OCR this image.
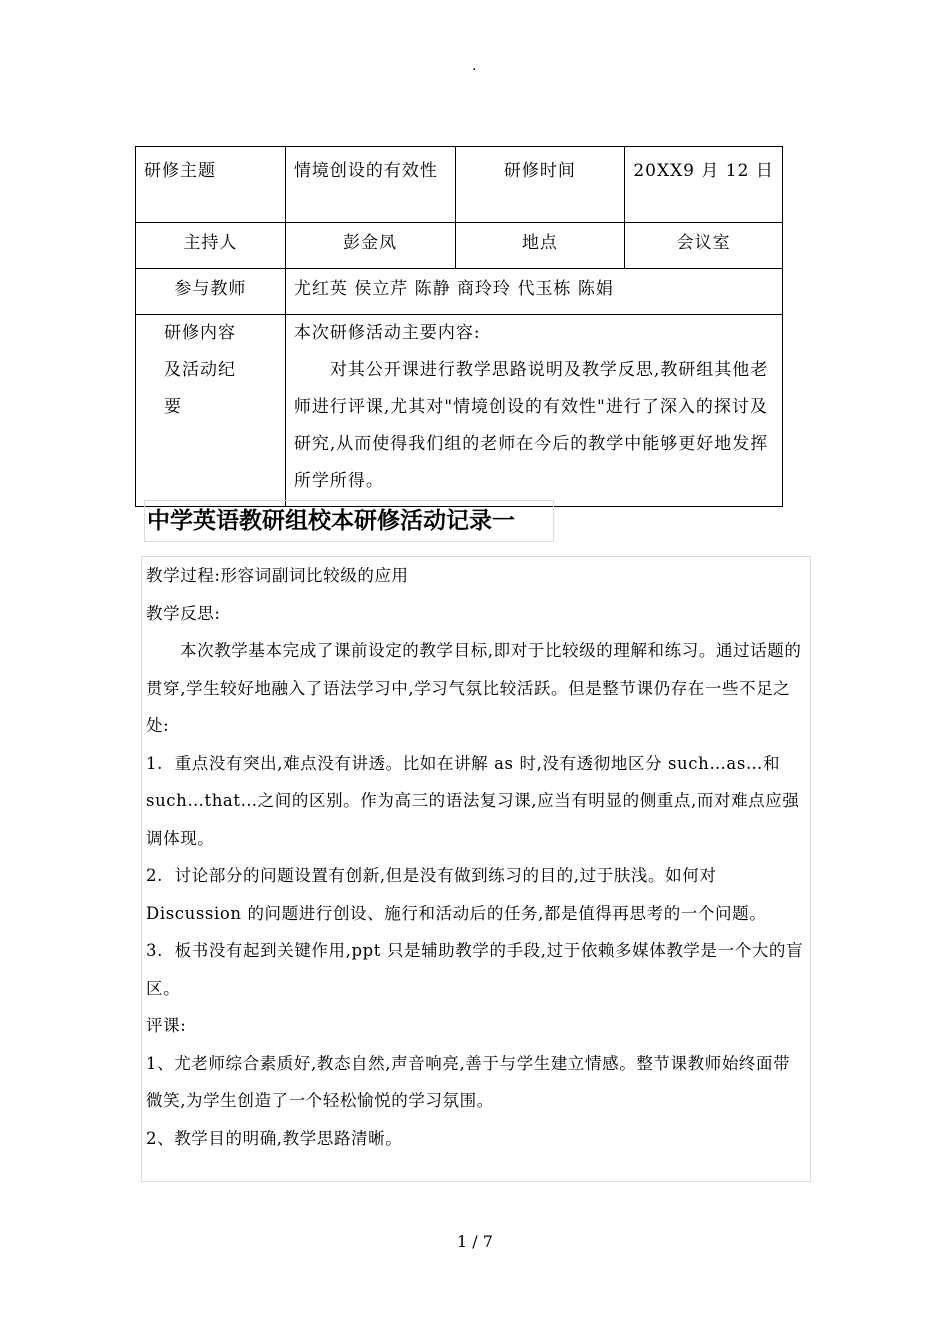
.
研修主题	情境创设的有效性	研修时间	20XX9 月 12 日

主持人	彭金凤	地点	会议室

参与教师	尤红英 侯立芹 陈静 商玲玲 代玉栋 陈娟		

研修内容及活动纪要	本次研修活动主要内容:
对其公开课进行教学思路说明及教学反思,教研组其他老师进行评课,尤其对"情境创设的有效性"进行了深入的探讨及研究,从而使得我们组的老师在今后的教学中能够更好地发挥所学所得。		
中学英语教研组校本研修活动记录一

教学过程:形容词副词比较级的应用

教学反思:

本次教学基本完成了课前设定的教学目标,即对于比较级的理解和练习。通过话题的贯穿,学生较好地融入了语法学习中,学习气氛比较活跃。但是整节课仍存在一些不足之处:

1.  重点没有突出,难点没有讲透。比如在讲解 as 时,没有透彻地区分 such…as…和 such…that…之间的区别。作为高三的语法复习课,应当有明显的侧重点,而对难点应强调体现。

2.  讨论部分的问题设置有创新,但是没有做到练习的目的,过于肤浅。如何对 Discussion 的问题进行创设、施行和活动后的任务,都是值得再思考的一个问题。

3.  板书没有起到关键作用,ppt 只是辅助教学的手段,过于依赖多媒体教学是一个大的盲区。

评课:

1、尤老师综合素质好,教态自然,声音响亮,善于与学生建立情感。整节课教师始终面带微笑,为学生创造了一个轻松愉悦的学习氛围。

2、教学目的明确,教学思路清晰。

1 / 7
